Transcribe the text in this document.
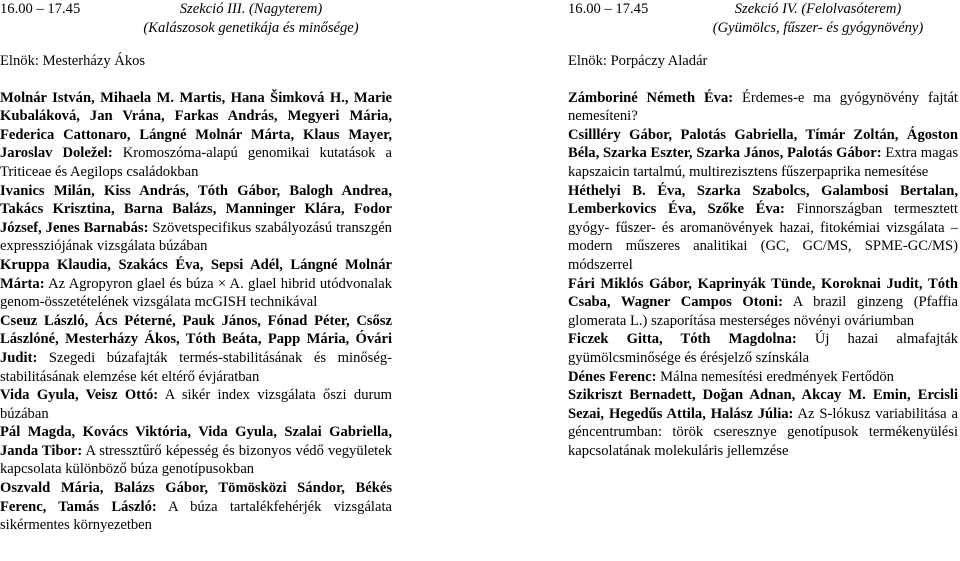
16.00 – 17.45	Szekció III. (Nagyterem)
(Kalászosok genetikája és minősége)
Elnök: Mesterházy Ákos
Molnár István, Mihaela M. Martis, Hana Šimková H., Marie Kubaláková, Jan Vrána, Farkas András, Megyeri Mária, Federica Cattonaro, Lángné Molnár Márta, Klaus Mayer, Jaroslav Doležel: Kromoszóma-alapú genomikai kutatások a Triticeae és Aegilops családokban
Ivanics Milán, Kiss András, Tóth Gábor, Balogh Andrea, Takács Krisztina, Barna Balázs, Manninger Klára, Fodor József, Jenes Barnabás: Szövetspecifikus szabályozású transzgén expressziójának vizsgálata búzában
Kruppa Klaudia, Szakács Éva, Sepsi Adél, Lángné Molnár Márta: Az Agropyron glael és búza × A. glael hibrid utódvonalak genom-összetételének vizsgálata mcGISH technikával
Cseuz László, Ács Péterné, Pauk János, Fónad Péter, Csősz Lászlóné, Mesterházy Ákos, Tóth Beáta, Papp Mária, Óvári Judit: Szegedi búzafajták termés-stabilitásának és minőség-stabilitásának elemzése két eltérő évjáratban
Vida Gyula, Veisz Ottó: A sikér index vizsgálata őszi durum búzában
Pál Magda, Kovács Viktória, Vida Gyula, Szalai Gabriella, Janda Tibor: A stressztűrő képesség és bizonyos védő vegyületek kapcsolata különböző búza genotípusokban
Oszvald Mária, Balázs Gábor, Tömösközi Sándor, Békés Ferenc, Tamás László: A búza tartalékfehérjék vizsgálata sikérmentes környezetben
16.00 – 17.45	Szekció IV. (Felolvasóterem)
(Gyümölcs, fűszer- és gyógynövény)
Elnök: Porpáczy Aladár
Zámboriné Németh Éva: Érdemes-e ma gyógynövény fajtát nemesíteni?
Csillléry Gábor, Palotás Gabriella, Tímár Zoltán, Ágoston Béla, Szarka Eszter, Szarka János, Palotás Gábor: Extra magas kapszaicin tartalmú, multirezisztens fűszerpaprika nemesítése
Héthelyi B. Éva, Szarka Szabolcs, Galambosi Bertalan, Lemberkovics Éva, Szőke Éva: Finnországban termesztett gyógy- fűszer- és aromanövények hazai, fitokémiai vizsgálata – modern műszeres analitikai (GC, GC/MS, SPME-GC/MS) módszerrel
Fári Miklós Gábor, Kaprinyák Tünde, Koroknai Judit, Tóth Csaba, Wagner Campos Otoni: A brazil ginzeng (Pfaffia glomerata L.) szaporítása mesterséges növényi ováriumban
Ficzek Gitta, Tóth Magdolna: Új hazai almafajták gyümölcsminősége és érésjelző színskála
Dénes Ferenc: Málna nemesítési eredmények Fertődön
Szikriszt Bernadett, Doğan Adnan, Akcay M. Emin, Ercisli Sezai, Hegedűs Attila, Halász Júlia: Az S-lókusz variabilitása a géncentrumban: török cseresznye genotípusok termékenyülési kapcsolatának molekuláris jellemzése
